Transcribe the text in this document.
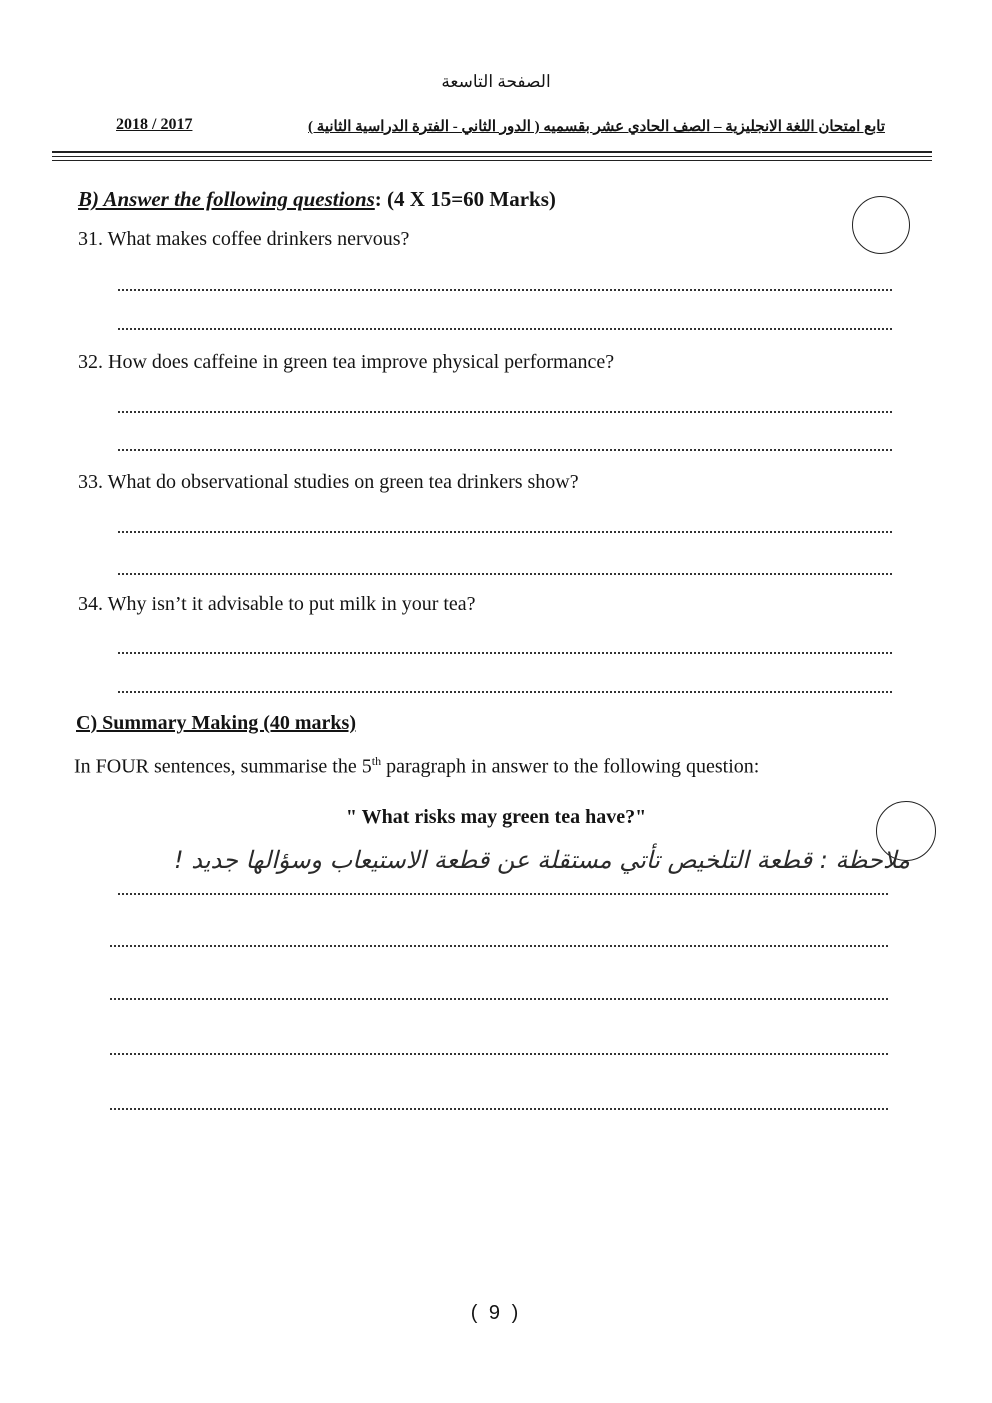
الصفحة التاسعة
تابع امتحان اللغة الانجليزية – الصف الحادي عشر بقسميه ( الدور الثاني - الفترة الدراسية الثانية )
2018 / 2017
B) Answer the following questions: (4 X 15=60 Marks)
31. What makes coffee drinkers nervous?
32. How does caffeine in green tea improve physical performance?
33. What do observational studies on green tea drinkers show?
34. Why isn’t it advisable to put milk in your tea?
C) Summary Making (40 marks)
In FOUR sentences, summarise the 5th paragraph in answer to the following question:
" What risks may green tea have?"
ملاحظة : قطعة التلخيص تأتي مستقلة عن قطعة الاستيعاب وسؤالها جديد !
( 9 )
